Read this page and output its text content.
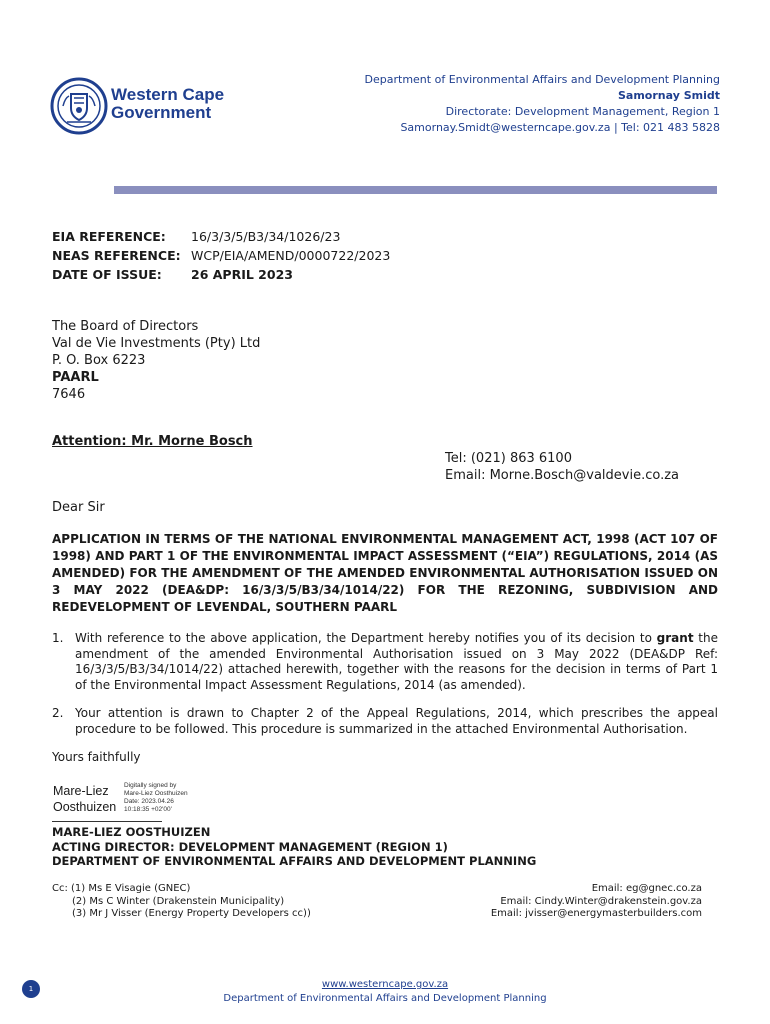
Western Cape
Government
Department of Environmental Affairs and Development Planning
Samornay Smidt
Directorate: Development Management, Region 1
Samornay.Smidt@westerncape.gov.za | Tel: 021 483 5828
EIA REFERENCE: 16/3/3/5/B3/34/1026/23
NEAS REFERENCE: WCP/EIA/AMEND/0000722/2023
DATE OF ISSUE: 26 APRIL 2023
The Board of Directors
Val de Vie Investments (Pty) Ltd
P. O. Box 6223
PAARL
7646
Attention: Mr. Morne Bosch
Tel: (021) 863 6100
Email: Morne.Bosch@valdevie.co.za
Dear Sir
APPLICATION IN TERMS OF THE NATIONAL ENVIRONMENTAL MANAGEMENT ACT, 1998 (ACT 107 OF 1998) AND PART 1 OF THE ENVIRONMENTAL IMPACT ASSESSMENT (“EIA”) REGULATIONS, 2014 (AS AMENDED) FOR THE AMENDMENT OF THE AMENDED ENVIRONMENTAL AUTHORISATION ISSUED ON 3 MAY 2022 (DEA&DP: 16/3/3/5/B3/34/1014/22) FOR THE REZONING, SUBDIVISION AND REDEVELOPMENT OF LEVENDAL, SOUTHERN PAARL
1. With reference to the above application, the Department hereby notifies you of its decision to grant the amendment of the amended Environmental Authorisation issued on 3 May 2022 (DEA&DP Ref: 16/3/3/5/B3/34/1014/22) attached herewith, together with the reasons for the decision in terms of Part 1 of the Environmental Impact Assessment Regulations, 2014 (as amended).
2. Your attention is drawn to Chapter 2 of the Appeal Regulations, 2014, which prescribes the appeal procedure to be followed. This procedure is summarized in the attached Environmental Authorisation.
Yours faithfully
Mare-Liez
Oosthuizen
Digitally signed by
Mare-Liez Oosthuizen
Date: 2023.04.26
10:18:35 +02'00'
MARE-LIEZ OOSTHUIZEN
ACTING DIRECTOR: DEVELOPMENT MANAGEMENT (REGION 1)
DEPARTMENT OF ENVIRONMENTAL AFFAIRS AND DEVELOPMENT PLANNING
Cc: (1) Ms E Visagie (GNEC)
(2) Ms C Winter (Drakenstein Municipality)
(3) Mr J Visser (Energy Property Developers cc))
Email: eg@gnec.co.za
Email: Cindy.Winter@drakenstein.gov.za
Email: jvisser@energymasterbuilders.com
1	www.westerncape.gov.za
Department of Environmental Affairs and Development Planning
